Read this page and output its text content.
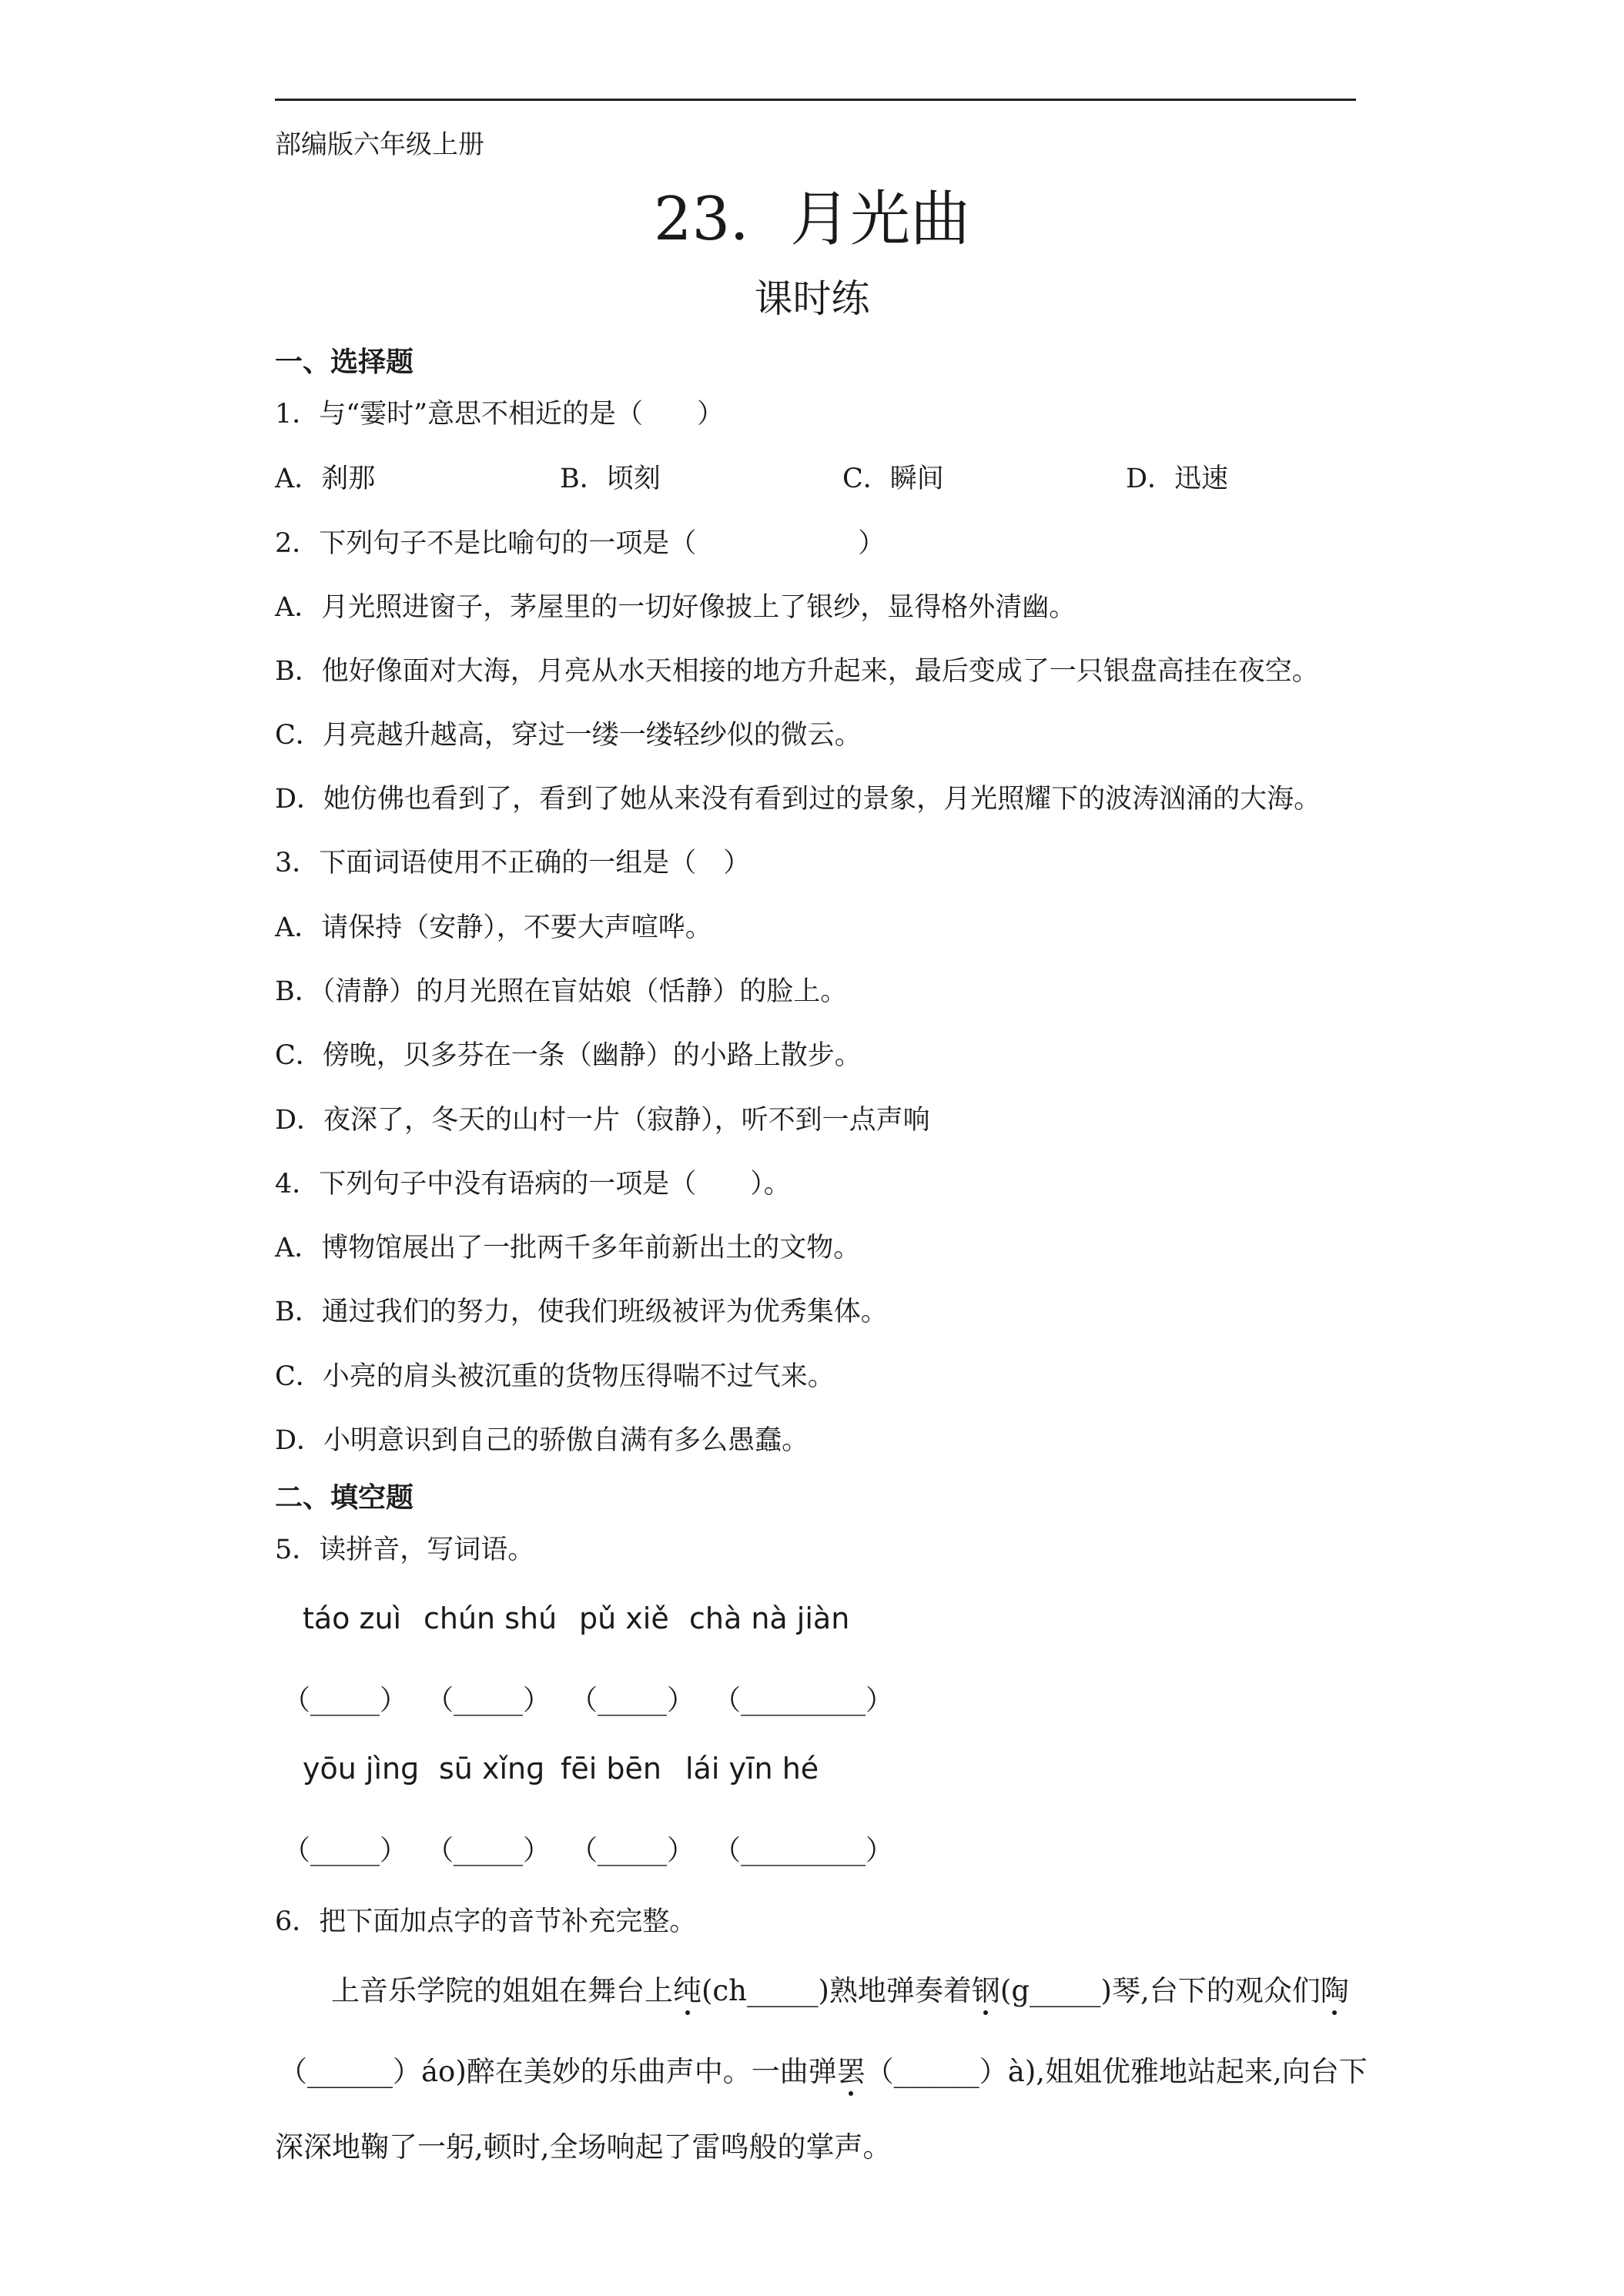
部编版六年级上册
23．月光曲
课时练
一、选择题
1．与“霎时”意思不相近的是（　　）
A．刹那	B．顷刻	C．瞬间	D．迅速
2．下列句子不是比喻句的一项是（　　　　　　）
A．月光照进窗子，茅屋里的一切好像披上了银纱，显得格外清幽。
B．他好像面对大海，月亮从水天相接的地方升起来，最后变成了一只银盘高挂在夜空。
C．月亮越升越高，穿过一缕一缕轻纱似的微云。
D．她仿佛也看到了，看到了她从来没有看到过的景象，月光照耀下的波涛汹涌的大海。
3．下面词语使用不正确的一组是（　）
A．请保持（安静），不要大声喧哗。
B．（清静）的月光照在盲姑娘（恬静）的脸上。
C．傍晚，贝多芬在一条（幽静）的小路上散步。
D．夜深了，冬天的山村一片（寂静），听不到一点声响
4．下列句子中没有语病的一项是（　　）。
A．博物馆展出了一批两千多年前新出土的文物。
B．通过我们的努力，使我们班级被评为优秀集体。
C．小亮的肩头被沉重的货物压得喘不过气来。
D．小明意识到自己的骄傲自满有多么愚蠢。
二、填空题
5．读拼音，写词语。
táo zuì chún shú pǔ xiě chà nà jiàn
（_____） （_____） （_____） （_________）
yōu jìnɡ sū xǐnɡ fēi bēn lái yīn hé
（_____） （_____） （_____） （_________）
6．把下面加点字的音节补充完整。
上音乐学院的姐姐在舞台上纯(ch_____)熟地弹奏着钢(g_____)琴,台下的观众们陶
（______）áo)醉在美妙的乐曲声中。一曲弹罢（______）à),姐姐优雅地站起来,向台下
深深地鞠了一躬,顿时,全场响起了雷鸣般的掌声。
